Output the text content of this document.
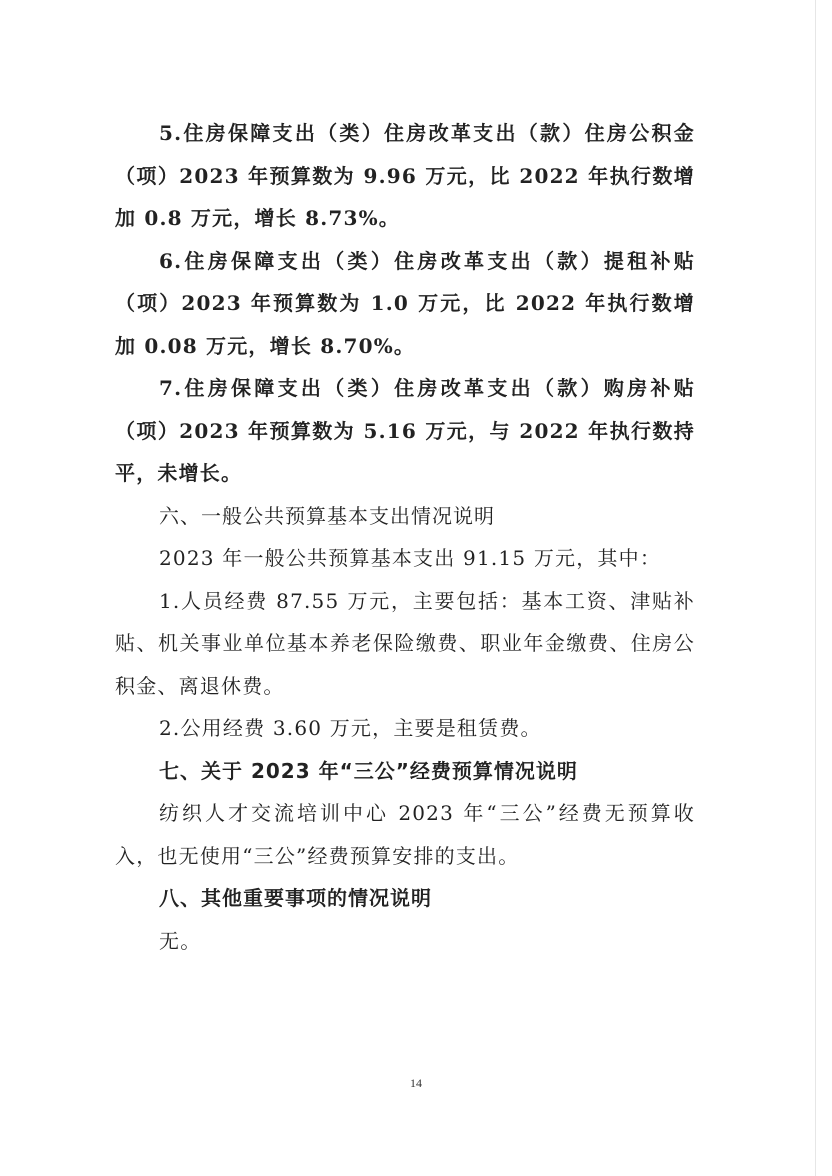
5.住房保障支出（类）住房改革支出（款）住房公积金（项）2023 年预算数为 9.96 万元，比 2022 年执行数增加 0.8 万元，增长 8.73%。

6.住房保障支出（类）住房改革支出（款）提租补贴（项）2023 年预算数为 1.0 万元，比 2022 年执行数增加 0.08 万元，增长 8.70%。

7.住房保障支出（类）住房改革支出（款）购房补贴（项）2023 年预算数为 5.16 万元，与 2022 年执行数持平，未增长。

六、一般公共预算基本支出情况说明

2023 年一般公共预算基本支出 91.15 万元，其中：

1.人员经费 87.55 万元，主要包括：基本工资、津贴补贴、机关事业单位基本养老保险缴费、职业年金缴费、住房公积金、离退休费。

2.公用经费 3.60 万元，主要是租赁费。

七、关于 2023 年“三公”经费预算情况说明

纺织人才交流培训中心 2023 年“三公”经费无预算收入，也无使用“三公”经费预算安排的支出。

八、其他重要事项的情况说明

无。

14
